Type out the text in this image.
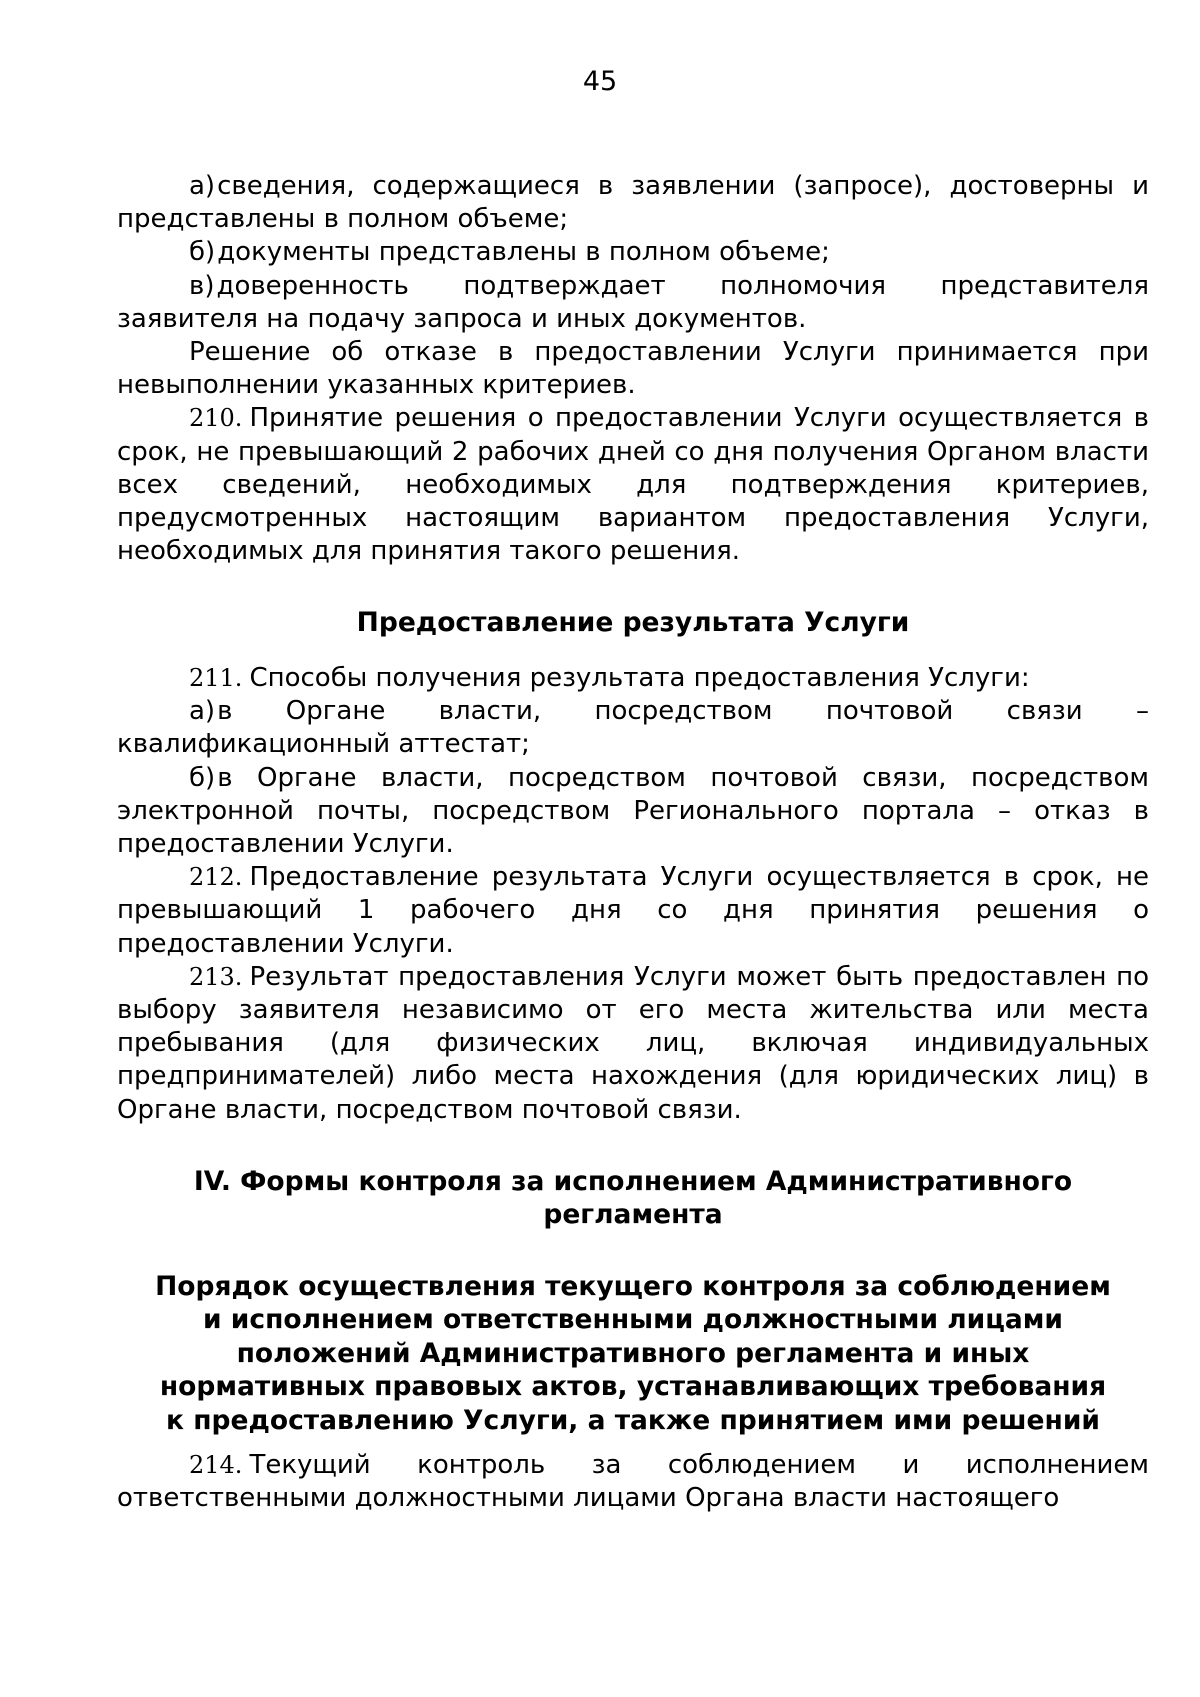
45

а)сведения, содержащиеся в заявлении (запросе), достоверны и представлены в полном объеме;

б)документы представлены в полном объеме;

в)доверенность подтверждает полномочия представителя заявителя на подачу запроса и иных документов.

Решение об отказе в предоставлении Услуги принимается при невыполнении указанных критериев.

210. Принятие решения о предоставлении Услуги осуществляется в срок, не превышающий 2 рабочих дней со дня получения Органом власти всех сведений, необходимых для подтверждения критериев, предусмотренных настоящим вариантом предоставления Услуги, необходимых для принятия такого решения.

Предоставление результата Услуги

211. Способы получения результата предоставления Услуги:

а)в Органе власти, посредством почтовой связи – квалификационный аттестат;

б)в Органе власти, посредством почтовой связи, посредством электронной почты, посредством Регионального портала – отказ в предоставлении Услуги.

212. Предоставление результата Услуги осуществляется в срок, не превышающий 1 рабочего дня со дня принятия решения о предоставлении Услуги.

213. Результат предоставления Услуги может быть предоставлен по выбору заявителя независимо от его места жительства или места пребывания (для физических лиц, включая индивидуальных предпринимателей) либо места нахождения (для юридических лиц) в Органе власти, посредством почтовой связи.

IV. Формы контроля за исполнением Административного
регламента
Порядок осуществления текущего контроля за соблюдением
и исполнением ответственными должностными лицами
положений Административного регламента и иных
нормативных правовых актов, устанавливающих требования
к предоставлению Услуги, а также принятием ими решений

214. Текущий контроль за соблюдением и исполнением ответственными должностными лицами Органа власти настоящего
